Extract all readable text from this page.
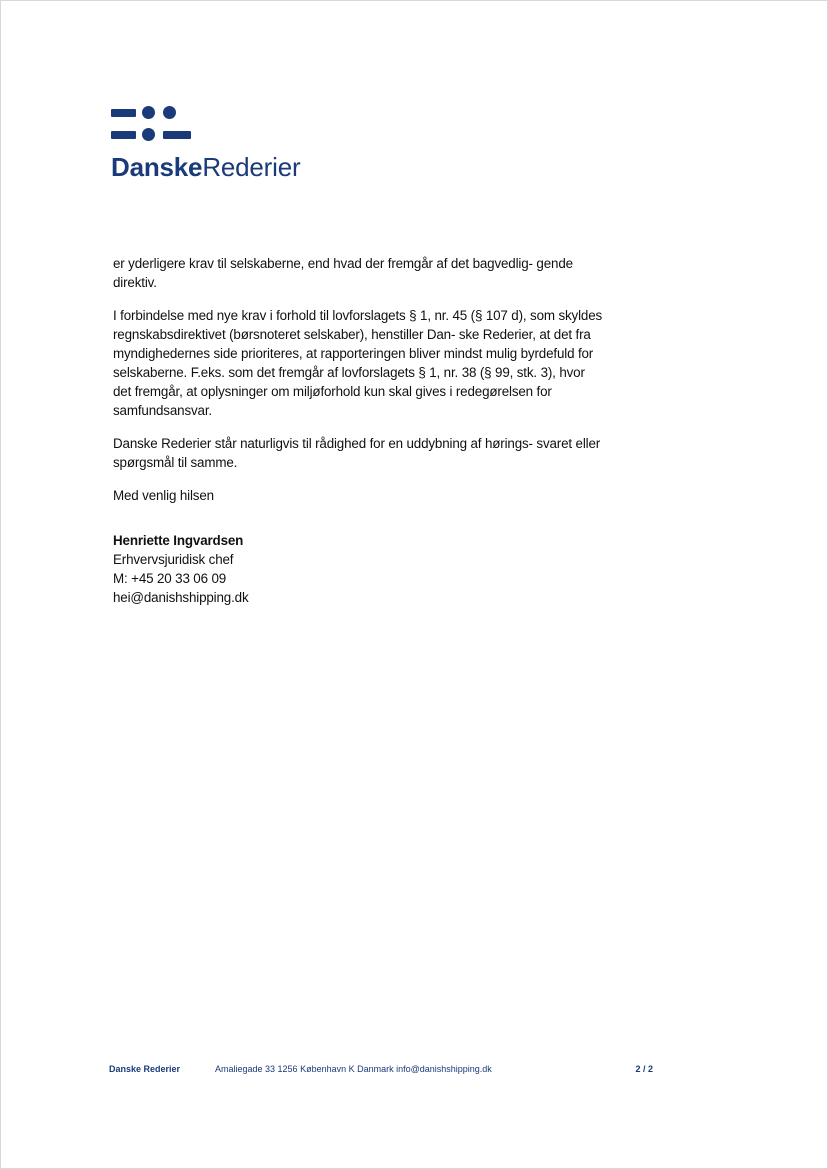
DanskeRederier

er yderligere krav til selskaberne, end hvad der fremgår af det bagvedlig- gende direktiv.

I forbindelse med nye krav i forhold til lovforslagets § 1, nr. 45 (§ 107 d), som skyldes regnskabsdirektivet (børsnoteret selskaber), henstiller Dan- ske Rederier, at det fra myndighedernes side prioriteres, at rapporteringen bliver mindst mulig byrdefuld for selskaberne. F.eks. som det fremgår af lovforslagets § 1, nr. 38 (§ 99, stk. 3), hvor det fremgår, at oplysninger om miljøforhold kun skal gives i redegørelsen for samfundsansvar.

Danske Rederier står naturligvis til rådighed for en uddybning af hørings- svaret eller spørgsmål til samme.

Med venlig hilsen

Henriette Ingvardsen
Erhvervsjuridisk chef
M: +45 20 33 06 09
hei@danishshipping.dk
Danske Rederier	Amaliegade 33 1256 København K Danmark info@danishshipping.dk	2 / 2
